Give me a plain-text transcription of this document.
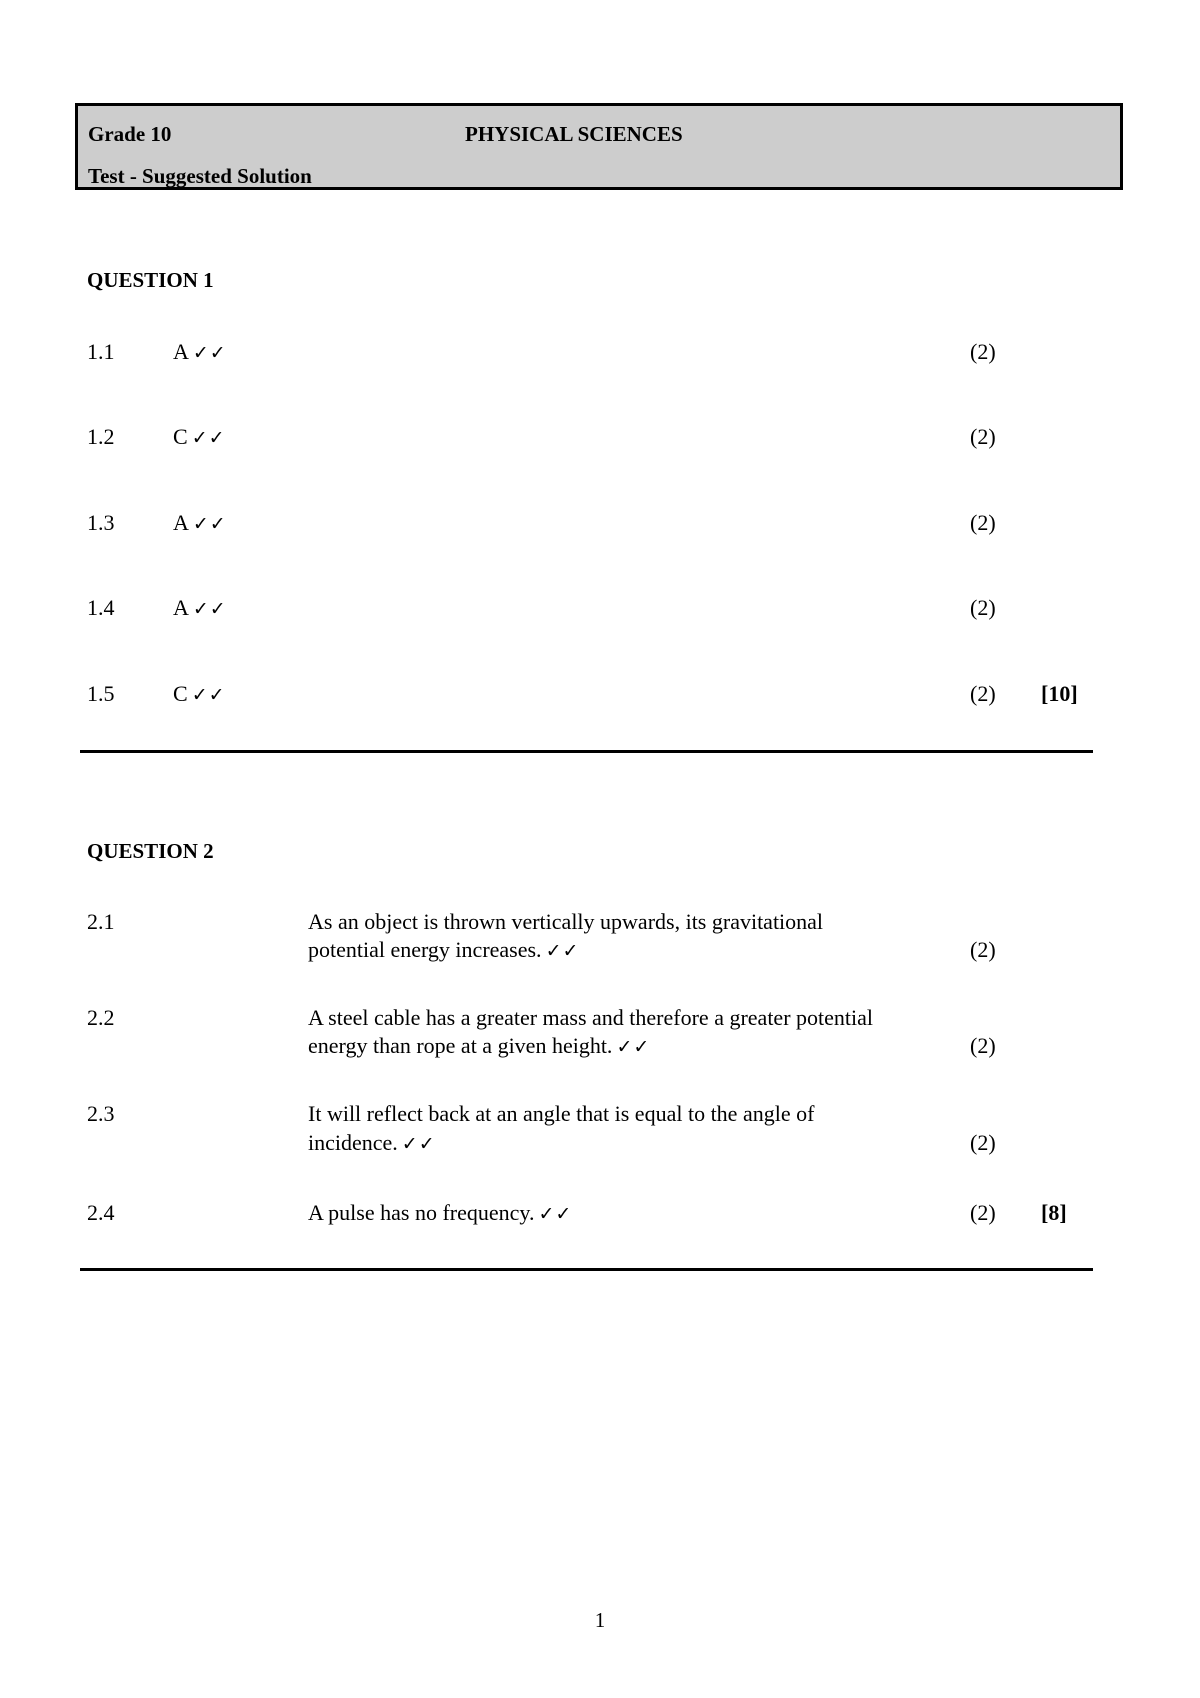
Grade 10	PHYSICAL SCIENCES
Test - Suggested Solution
QUESTION 1
1.1	A ✓✓	(2)
1.2	C ✓✓	(2)
1.3	A ✓✓	(2)
1.4	A ✓✓	(2)
1.5	C ✓✓	(2) [10]
QUESTION 2
2.1	As an object is thrown vertically upwards, its gravitational
potential energy increases. ✓✓	(2)
2.2	A steel cable has a greater mass and therefore a greater potential
energy than rope at a given height. ✓✓	(2)
2.3	It will reflect back at an angle that is equal to the angle of
incidence. ✓✓	(2)
2.4	A pulse has no frequency. ✓✓	(2) [8]
1
